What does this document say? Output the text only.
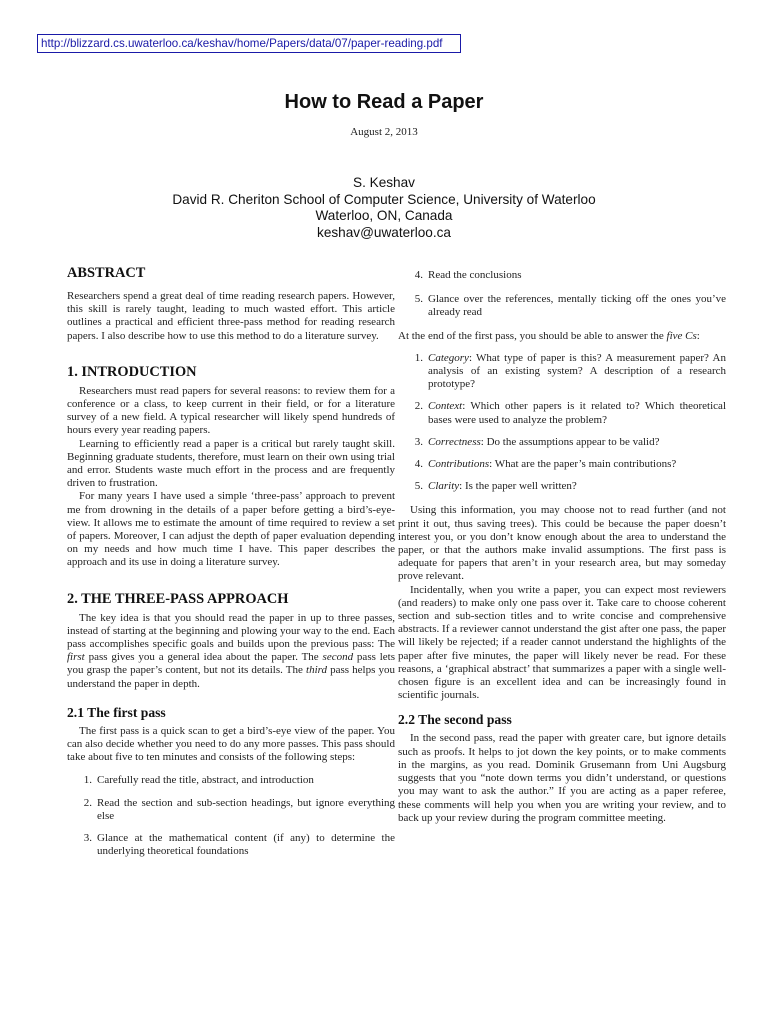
http://blizzard.cs.uwaterloo.ca/keshav/home/Papers/data/07/paper-reading.pdf
How to Read a Paper
August 2, 2013
S. Keshav
David R. Cheriton School of Computer Science, University of Waterloo
Waterloo, ON, Canada
keshav@uwaterloo.ca
ABSTRACT

Researchers spend a great deal of time reading research papers. However, this skill is rarely taught, leading to much wasted effort. This article outlines a practical and efficient three-pass method for reading research papers. I also describe how to use this method to do a literature survey.

1. INTRODUCTION

Researchers must read papers for several reasons: to review them for a conference or a class, to keep current in their field, or for a literature survey of a new field. A typical researcher will likely spend hundreds of hours every year reading papers.

Learning to efficiently read a paper is a critical but rarely taught skill. Beginning graduate students, therefore, must learn on their own using trial and error. Students waste much effort in the process and are frequently driven to frustration.

For many years I have used a simple ‘three-pass’ approach to prevent me from drowning in the details of a paper before getting a bird’s-eye-view. It allows me to estimate the amount of time required to review a set of papers. Moreover, I can adjust the depth of paper evaluation depending on my needs and how much time I have. This paper describes the approach and its use in doing a literature survey.

2. THE THREE-PASS APPROACH

The key idea is that you should read the paper in up to three passes, instead of starting at the beginning and plowing your way to the end. Each pass accomplishes specific goals and builds upon the previous pass: The first pass gives you a general idea about the paper. The second pass lets you grasp the paper’s content, but not its details. The third pass helps you understand the paper in depth.

2.1 The first pass

The first pass is a quick scan to get a bird’s-eye view of the paper. You can also decide whether you need to do any more passes. This pass should take about five to ten minutes and consists of the following steps:

1. Carefully read the title, abstract, and introduction
2. Read the section and sub-section headings, but ignore everything else
3. Glance at the mathematical content (if any) to determine the underlying theoretical foundations
4. Read the conclusions
5. Glance over the references, mentally ticking off the ones you’ve already read

At the end of the first pass, you should be able to answer the five Cs:

1. Category: What type of paper is this? A measurement paper? An analysis of an existing system? A description of a research prototype?
2. Context: Which other papers is it related to? Which theoretical bases were used to analyze the problem?
3. Correctness: Do the assumptions appear to be valid?
4. Contributions: What are the paper’s main contributions?
5. Clarity: Is the paper well written?

Using this information, you may choose not to read further (and not print it out, thus saving trees). This could be because the paper doesn’t interest you, or you don’t know enough about the area to understand the paper, or that the authors make invalid assumptions. The first pass is adequate for papers that aren’t in your research area, but may someday prove relevant.

Incidentally, when you write a paper, you can expect most reviewers (and readers) to make only one pass over it. Take care to choose coherent section and sub-section titles and to write concise and comprehensive abstracts. If a reviewer cannot understand the gist after one pass, the paper will likely be rejected; if a reader cannot understand the highlights of the paper after five minutes, the paper will likely never be read. For these reasons, a ‘graphical abstract’ that summarizes a paper with a single well-chosen figure is an excellent idea and can be increasingly found in scientific journals.

2.2 The second pass

In the second pass, read the paper with greater care, but ignore details such as proofs. It helps to jot down the key points, or to make comments in the margins, as you read. Dominik Grusemann from Uni Augsburg suggests that you “note down terms you didn’t understand, or questions you may want to ask the author.” If you are acting as a paper referee, these comments will help you when you are writing your review, and to back up your review during the program committee meeting.
